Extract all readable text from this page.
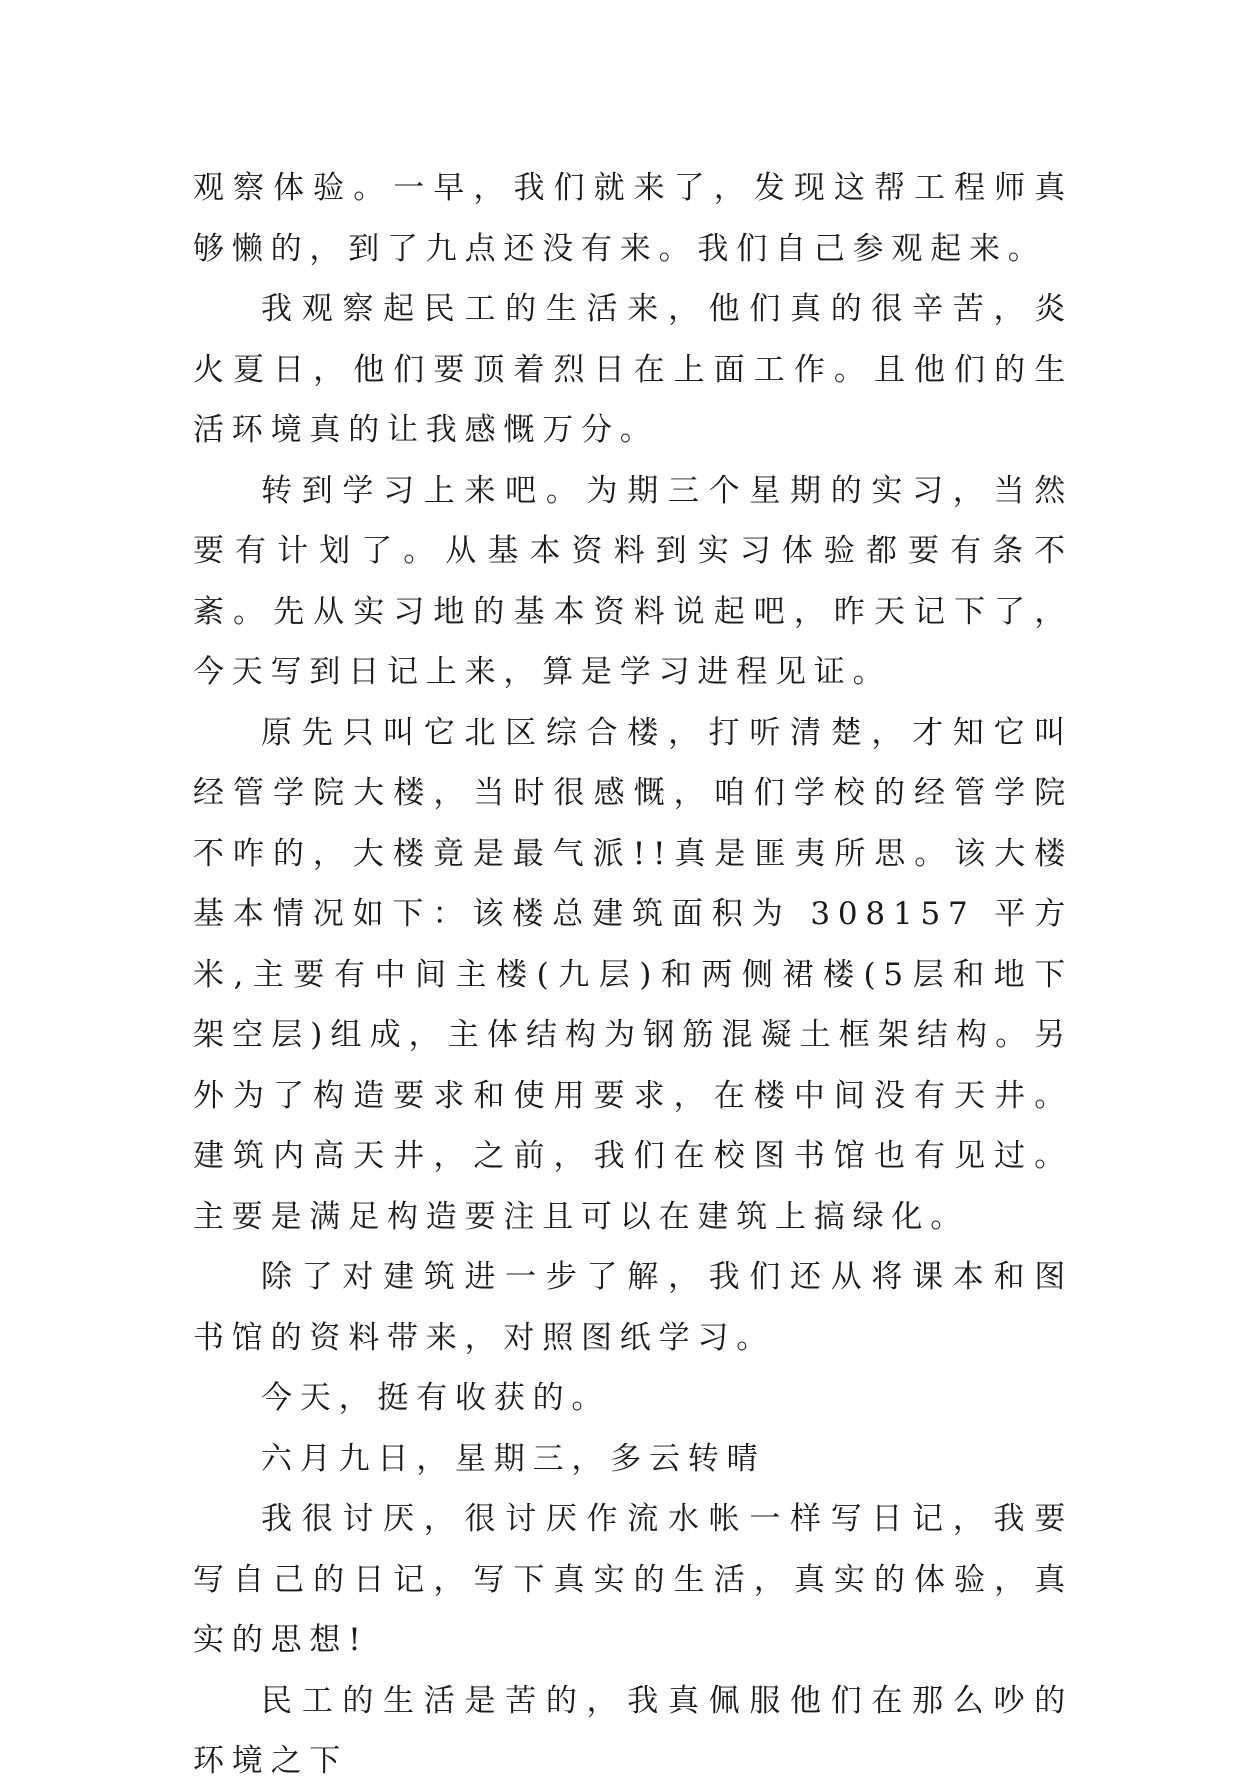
观察体验。一早，我们就来了，发现这帮工程师真够懒的，到了九点还没有来。我们自己参观起来。

我观察起民工的生活来，他们真的很辛苦，炎火夏日，他们要顶着烈日在上面工作。且他们的生活环境真的让我感慨万分。

转到学习上来吧。为期三个星期的实习，当然要有计划了。从基本资料到实习体验都要有条不紊。先从实习地的基本资料说起吧，昨天记下了，今天写到日记上来，算是学习进程见证。

原先只叫它北区综合楼，打听清楚，才知它叫经管学院大楼，当时很感慨，咱们学校的经管学院不咋的，大楼竟是最气派!!真是匪夷所思。该大楼基本情况如下：该楼总建筑面积为 308157 平方米,主要有中间主楼(九层)和两侧裙楼(5层和地下架空层)组成，主体结构为钢筋混凝土框架结构。另外为了构造要求和使用要求，在楼中间没有天井。建筑内高天井，之前，我们在校图书馆也有见过。主要是满足构造要注且可以在建筑上搞绿化。

除了对建筑进一步了解，我们还从将课本和图书馆的资料带来，对照图纸学习。

今天，挺有收获的。

六月九日，星期三，多云转晴

我很讨厌，很讨厌作流水帐一样写日记，我要写自己的日记，写下真实的生活，真实的体验，真实的思想!

民工的生活是苦的，我真佩服他们在那么吵的环境之下
